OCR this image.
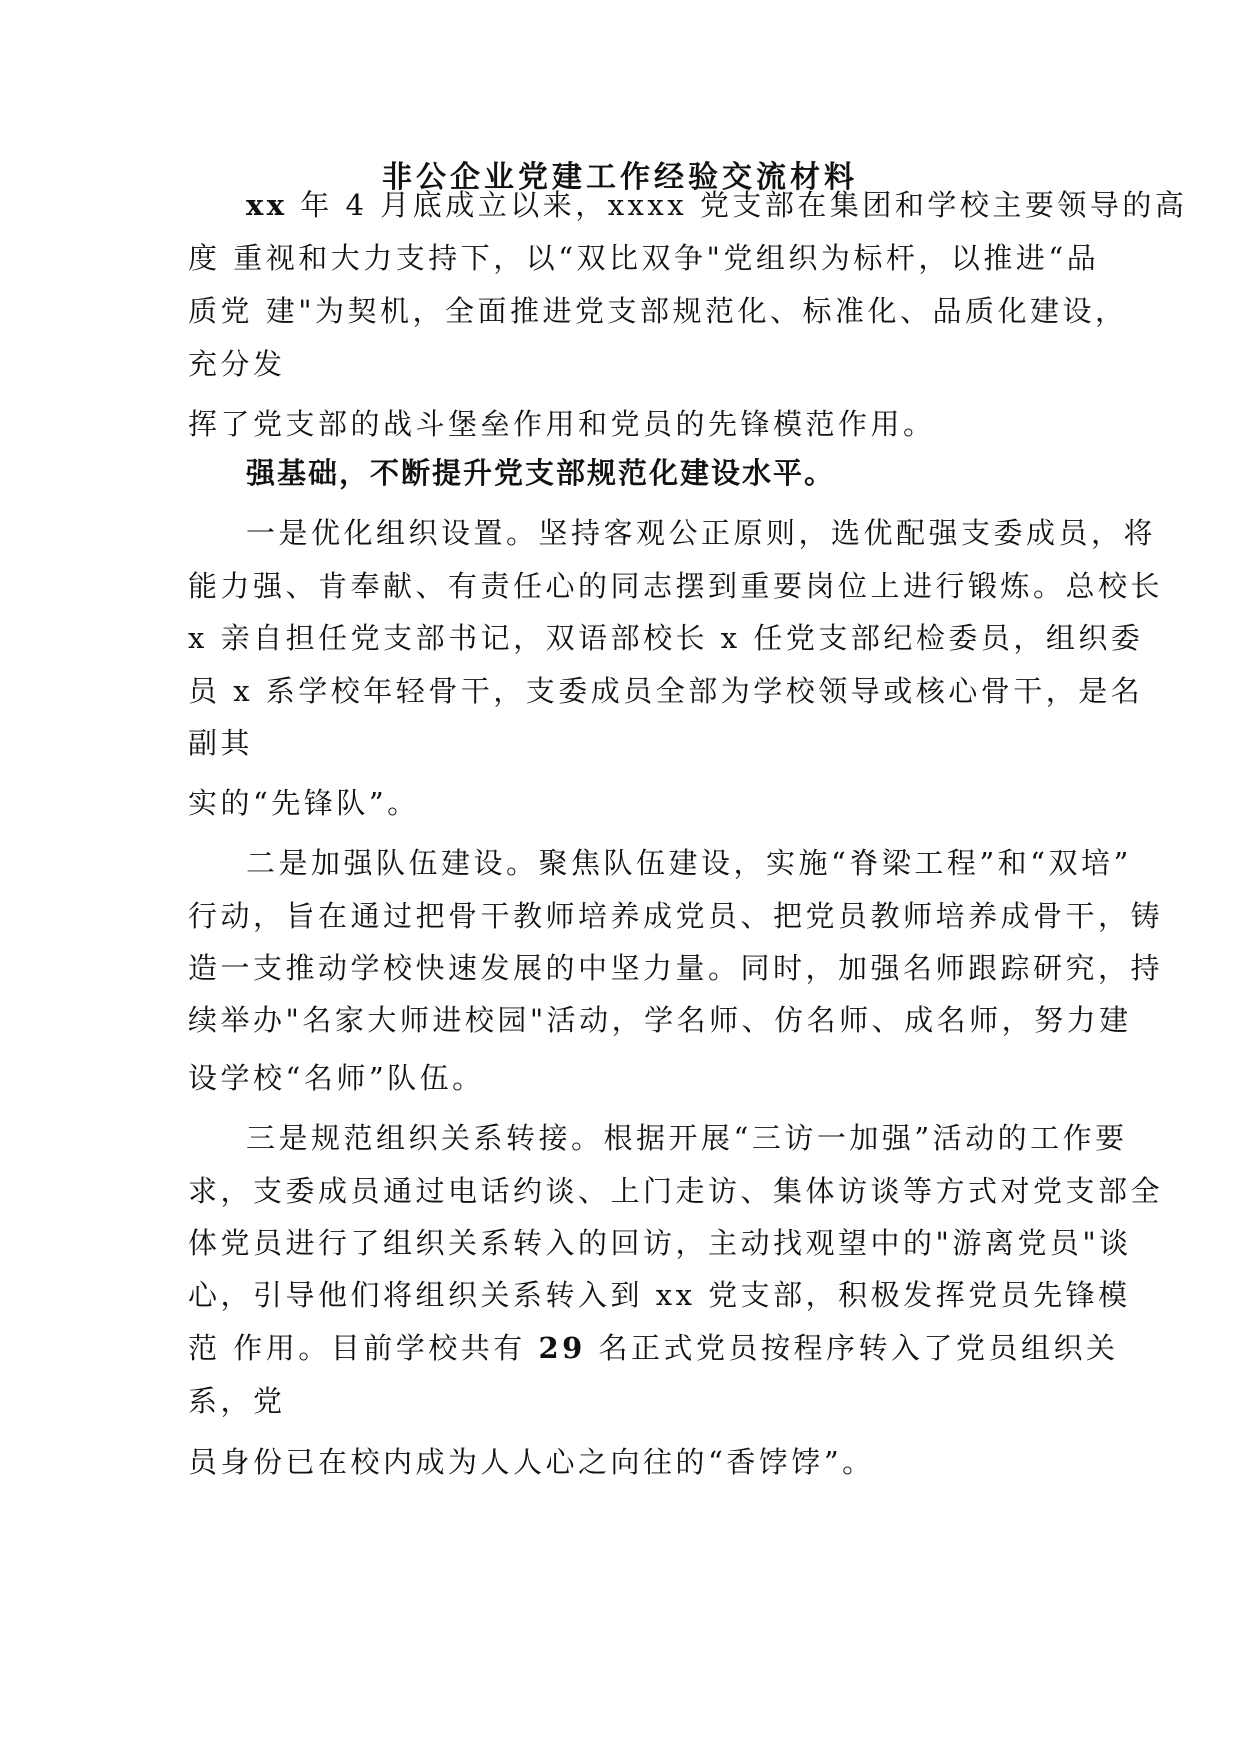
非公企业党建工作经验交流材料

xx 年 4 月底成立以来，xxxx 党支部在集团和学校主要领导的高

度 重视和大力支持下，以“双比双争"党组织为标杆，以推进“品

质党 建"为契机，全面推进党支部规范化、标准化、品质化建设，

充分发

挥了党支部的战斗堡垒作用和党员的先锋模范作用。

强基础，不断提升党支部规范化建设水平。

一是优化组织设置。坚持客观公正原则，选优配强支委成员，将

能力强、肯奉献、有责任心的同志摆到重要岗位上进行锻炼。总校长

x 亲自担任党支部书记，双语部校长 x 任党支部纪检委员，组织委

员 x 系学校年轻骨干，支委成员全部为学校领导或核心骨干，是名

副其

实的“先锋队”。

二是加强队伍建设。聚焦队伍建设，实施“脊梁工程”和“双培”

行动，旨在通过把骨干教师培养成党员、把党员教师培养成骨干，铸

造一支推动学校快速发展的中坚力量。同时，加强名师跟踪研究，持

续举办"名家大师进校园"活动，学名师、仿名师、成名师，努力建

设学校“名师”队伍。

三是规范组织关系转接。根据开展“三访一加强”活动的工作要

求，支委成员通过电话约谈、上门走访、集体访谈等方式对党支部全

体党员进行了组织关系转入的回访，主动找观望中的"游离党员"谈

心，引导他们将组织关系转入到 xx 党支部，积极发挥党员先锋模

范 作用。目前学校共有 29 名正式党员按程序转入了党员组织关

系，党

员身份已在校内成为人人心之向往的“香饽饽”。
